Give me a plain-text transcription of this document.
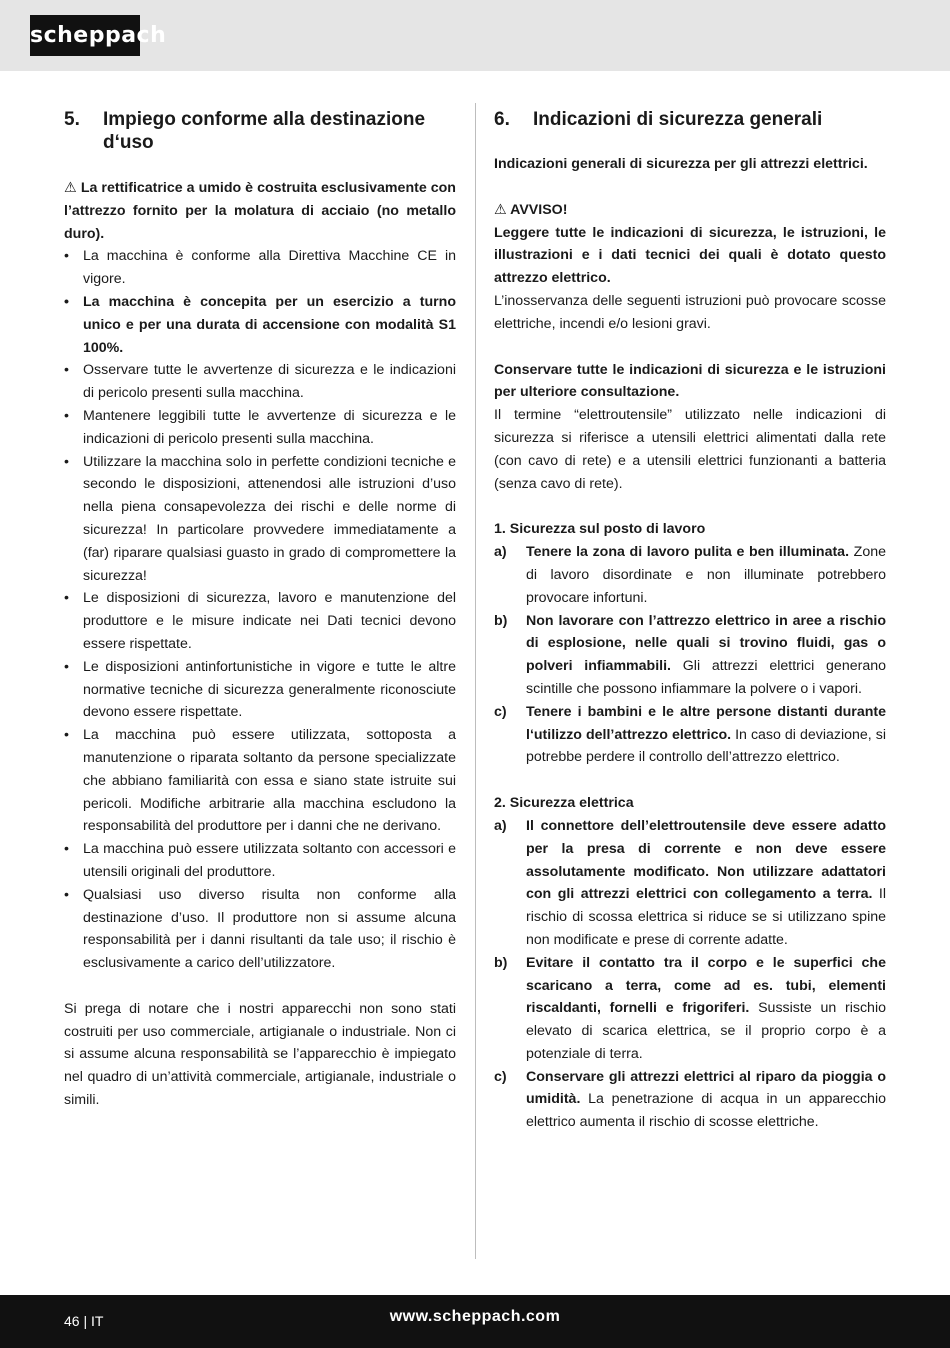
scheppach
5.	Impiego conforme alla destinazione d‘uso

⚠ La rettificatrice a umido è costruita esclusivamente con l’attrezzo fornito per la molatura di acciaio (no metallo duro).

• La macchina è conforme alla Direttiva Macchine CE in vigore.
• La macchina è concepita per un esercizio a turno unico e per una durata di accensione con modalità S1 100%.
• Osservare tutte le avvertenze di sicurezza e le indicazioni di pericolo presenti sulla macchina.
• Mantenere leggibili tutte le avvertenze di sicurezza e le indicazioni di pericolo presenti sulla macchina.
• Utilizzare la macchina solo in perfette condizioni tecniche e secondo le disposizioni, attenendosi alle istruzioni d’uso nella piena consapevolezza dei rischi e delle norme di sicurezza! In particolare provvedere immediatamente a (far) riparare qualsiasi guasto in grado di compromettere la sicurezza!
• Le disposizioni di sicurezza, lavoro e manutenzione del produttore e le misure indicate nei Dati tecnici devono essere rispettate.
• Le disposizioni antinfortunistiche in vigore e tutte le altre normative tecniche di sicurezza generalmente riconosciute devono essere rispettate.
• La macchina può essere utilizzata, sottoposta a manutenzione o riparata soltanto da persone specializzate che abbiano familiarità con essa e siano state istruite sui pericoli. Modifiche arbitrarie alla macchina escludono la responsabilità del produttore per i danni che ne derivano.
• La macchina può essere utilizzata soltanto con accessori e utensili originali del produttore.
• Qualsiasi uso diverso risulta non conforme alla destinazione d’uso. Il produttore non si assume alcuna responsabilità per i danni risultanti da tale uso; il rischio è esclusivamente a carico dell’utilizzatore.

Si prega di notare che i nostri apparecchi non sono stati costruiti per uso commerciale, artigianale o industriale. Non ci si assume alcuna responsabilità se l’apparecchio è impiegato nel quadro di un’attività commerciale, artigianale, industriale o simili.

6.	Indicazioni di sicurezza generali

Indicazioni generali di sicurezza per gli attrezzi elettrici.

⚠ AVVISO!

Leggere tutte le indicazioni di sicurezza, le istruzioni, le illustrazioni e i dati tecnici dei quali è dotato questo attrezzo elettrico.

L’inosservanza delle seguenti istruzioni può provocare scosse elettriche, incendi e/o lesioni gravi.

Conservare tutte le indicazioni di sicurezza e le istruzioni per ulteriore consultazione.

Il termine “elettroutensile” utilizzato nelle indicazioni di sicurezza si riferisce a utensili elettrici alimentati dalla rete (con cavo di rete) e a utensili elettrici funzionanti a batteria (senza cavo di rete).

1. Sicurezza sul posto di lavoro

a) Tenere la zona di lavoro pulita e ben illuminata. Zone di lavoro disordinate e non illuminate potrebbero provocare infortuni.
b) Non lavorare con l’attrezzo elettrico in aree a rischio di esplosione, nelle quali si trovino fluidi, gas o polveri infiammabili. Gli attrezzi elettrici generano scintille che possono infiammare la polvere o i vapori.
c) Tenere i bambini e le altre persone distanti durante l‘utilizzo dell’attrezzo elettrico. In caso di deviazione, si potrebbe perdere il controllo dell’attrezzo elettrico.

2. Sicurezza elettrica

a) Il connettore dell’elettroutensile deve essere adatto per la presa di corrente e non deve essere assolutamente modificato. Non utilizzare adattatori con gli attrezzi elettrici con collegamento a terra. Il rischio di scossa elettrica si riduce se si utilizzano spine non modificate e prese di corrente adatte.
b) Evitare il contatto tra il corpo e le superfici che scaricano a terra, come ad es. tubi, elementi riscaldanti, fornelli e frigoriferi. Sussiste un rischio elevato di scarica elettrica, se il proprio corpo è a potenziale di terra.
c) Conservare gli attrezzi elettrici al riparo da pioggia o umidità. La penetrazione di acqua in un apparecchio elettrico aumenta il rischio di scosse elettriche.
46 | IT	www.scheppach.com
